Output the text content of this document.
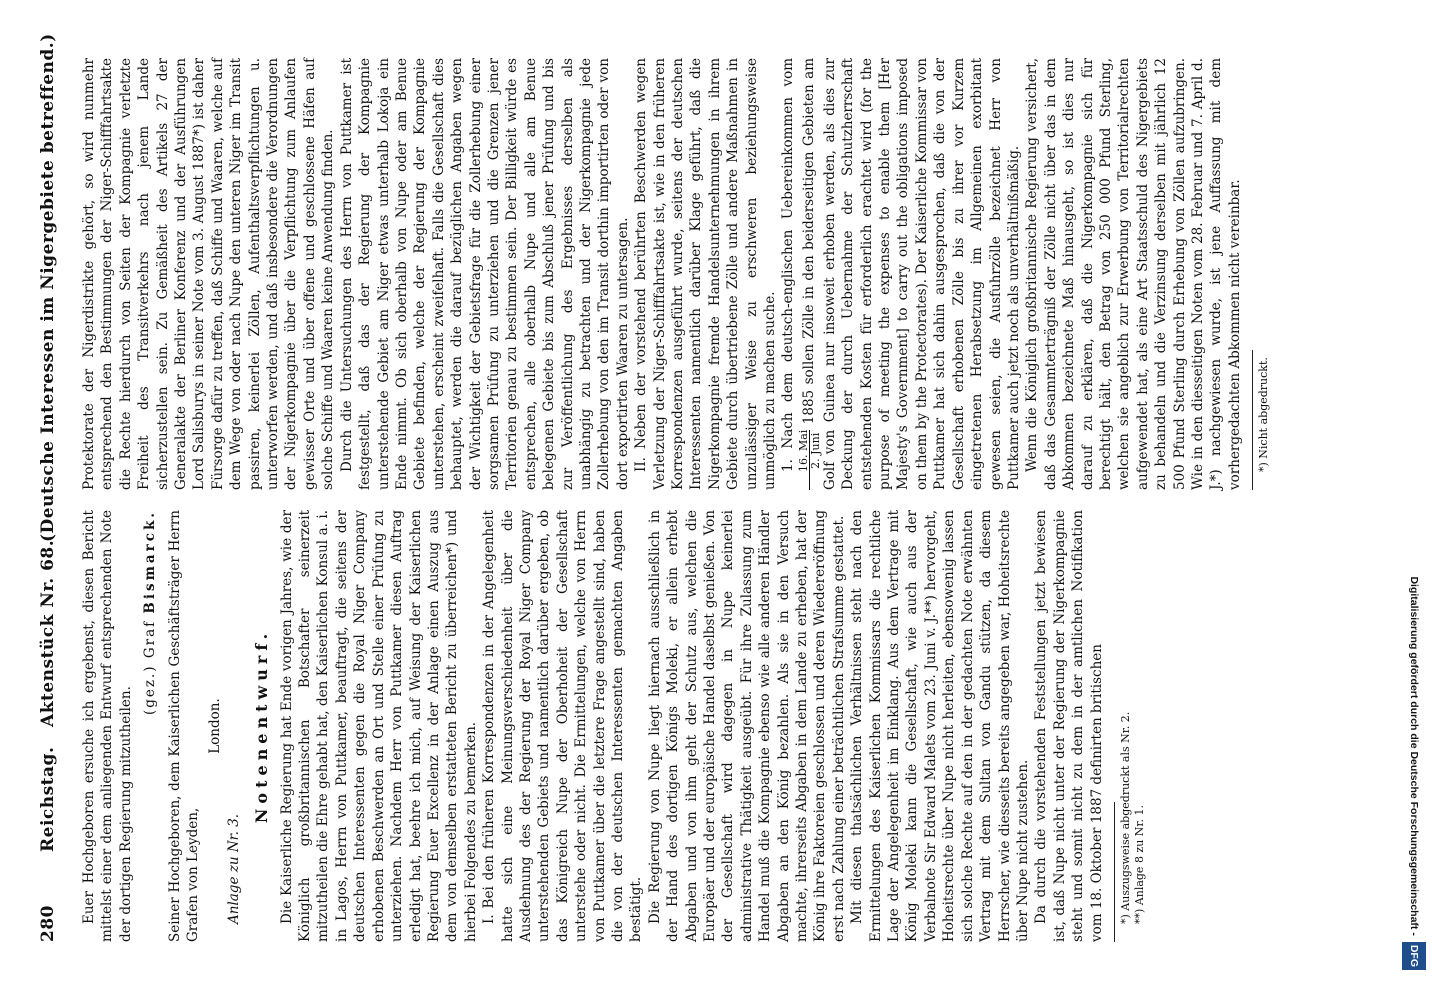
280
Reichstag.
Aktenstück Nr. 68.
(Deutsche Interessen im Nigergebiete betreffend.)

Euer Hochgeboren ersuche ich ergebenst, diesen Bericht mittelst einer dem anliegenden Entwurf entsprechenden Note der dortigen Regierung mitzutheilen.

(gez.) Graf Bismarck. Seiner Hochgeboren, dem Kaiserlichen Geschäftsträger Herrn Grafen von Leyden,

London.

Anlage zu Nr. 3.

Notenentwurf. Die Kaiserliche Regierung hat Ende vorigen Jahres, wie der Königlich großbritannischen Botschafter seinerzeit mitzutheilen die Ehre gehabt hat, den Kaiserlichen Konsul a. i. in Lagos, Herrn von Puttkamer, beauftragt, die seitens der deutschen Interessenten gegen die Royal Niger Company erhobenen Beschwerden an Ort und Stelle einer Prüfung zu unterziehen. Nachdem Herr von Puttkamer diesen Auftrag erledigt hat, beehre ich mich, auf Weisung der Kaiserlichen Regierung Euer Excellenz in der Anlage einen Auszug aus dem von demselben erstatteten Bericht zu überreichen*) und hierbei Folgendes zu bemerken. I. Bei den früheren Korrespondenzen in der Angelegenheit hatte sich eine Meinungsverschiedenheit über die Ausdehnung des der Regierung der Royal Niger Company unterstehenden Gebiets und namentlich darüber ergeben, ob das Königreich Nupe der Oberhoheit der Gesellschaft unterstehe oder nicht. Die Ermittelungen, welche von Herrn von Puttkamer über die letztere Frage angestellt sind, haben die von der deutschen Interessenten gemachten Angaben bestätigt. Die Regierung von Nupe liegt hiernach ausschließlich in der Hand des dortigen Königs Moleki, er allein erhebt Abgaben und von ihm geht der Schutz aus, welchen die Europäer und der europäische Handel daselbst genießen. Von der Gesellschaft wird dagegen in Nupe keinerlei administrative Thätigkeit ausgeübt. Für ihre Zulassung zum Handel muß die Kompagnie ebenso wie alle anderen Händler Abgaben an den König bezahlen. Als sie in den Versuch machte, ihrerseits Abgaben in dem Lande zu erheben, hat der König ihre Faktoreien geschlossen und deren Wiedereröffnung erst nach Zahlung einer beträchtlichen Strafsumme gestattet. Mit diesen thatsächlichen Verhältnissen steht nach den Ermittelungen des Kaiserlichen Kommissars die rechtliche Lage der Angelegenheit im Einklang. Aus dem Vertrage mit König Moleki kann die Gesellschaft, wie auch aus der Verbalnote Sir Edward Malets vom 23. Juni v. J.**) hervorgeht, Hoheitsrechte über Nupe nicht herleiten, ebensowenig lassen sich solche Rechte auf den in der gedachten Note erwähnten Vertrag mit dem Sultan von Gandu stützen, da diesem Herrscher, wie diesseits bereits angegeben war, Hoheitsrechte über Nupe nicht zustehen. Da durch die vorstehenden Feststellungen jetzt bewiesen ist, daß Nupe nicht unter der Regierung der Nigerkompagnie steht und somit nicht zu dem in der amtlichen Notifikation vom 18. Oktober 1887 definirten britischen *) Auszugsweise abgedruckt als Nr. 2. **) Anlage 8 zu Nr. 1.

Protektorate der Nigerdistrikte gehört, so wird nunmehr entsprechend den Bestimmungen der Niger-Schifffahrtsakte die Rechte hierdurch von Seiten der Kompagnie verletzte Freiheit des Transitverkehrs nach jenem Lande sicherzustellen sein. Zu Gemäßheit des Artikels 27 der Generalakte der Berliner Konferenz und der Ausführungen Lord Salisburys in seiner Note vom 3. August 1887*) ist daher Fürsorge dafür zu treffen, daß Schiffe und Waaren, welche auf dem Wege von oder nach Nupe den unteren Niger im Transit passiren, keinerlei Zöllen, Aufenthaltsverpflichtungen u. unterworfen werden, und daß insbesondere die Verordnungen der Nigerkompagnie über die Verpflichtung zum Anlaufen gewisser Orte und über offene und geschlossene Häfen auf solche Schiffe und Waaren keine Anwendung finden. Durch die Untersuchungen des Herrn von Puttkamer ist festgestellt, daß das der Regierung der Kompagnie unterstehende Gebiet am Niger etwas unterhalb Lokoja ein Ende nimmt. Ob sich oberhalb von Nupe oder am Benue Gebiete befinden, welche der Regierung der Kompagnie unterstehen, erscheint zweifelhaft. Falls die Gesellschaft dies behauptet, werden die darauf bezüglichen Angaben wegen der Wichtigkeit der Gebietsfrage für die Zollerhebung einer sorgsamen Prüfung zu unterziehen und die Grenzen jener Territorien genau zu bestimmen sein. Der Billigkeit würde es entsprechen, alle oberhalb Nupe und alle am Benue belegenen Gebiete bis zum Abschluß jener Prüfung und bis zur Veröffentlichung des Ergebnisses derselben als unabhängig zu betrachten und der Nigerkompagnie jede Zollerhebung von den im Transit dorthin importirten oder von dort exportirten Waaren zu untersagen. II. Neben der vorstehend berührten Beschwerden wegen Verletzung der Niger-Schifffahrtsakte ist, wie in den früheren Korrespondenzen ausgeführt wurde, seitens der deutschen Interessenten namentlich darüber Klage geführt, daß die Nigerkompagnie fremde Handelsunternehmungen in ihrem Gebiete durch übertriebene Zölle und andere Maßnahmen in unzulässiger Weise zu erschweren beziehungsweise unmöglich zu machen suche. 1. Nach dem deutsch-englischen Uebereinkommen vom 16. Mai 2. Juni
1885 sollen Zölle in den beiderseitigen Gebieten am Golf von Guinea nur insoweit erhoben werden, als dies zur Deckung der durch Uebernahme der Schutzherrschaft entstehenden Kosten für erforderlich erachtet wird (for the purpose of meeting the expenses to enable them [Her Majesty's Government] to carry out the obligations imposed on them by the Protectorates). Der Kaiserliche Kommissar von Puttkamer hat sich dahin ausgesprochen, daß die von der Gesellschaft erhobenen Zölle bis zu ihrer vor Kurzem eingetretenen Herabsetzung im Allgemeinen exorbitant gewesen seien, die Ausfuhrzölle bezeichnet Herr von Puttkamer auch jetzt noch als unverhältnißmäßig. Wenn die Königlich großbritannische Regierung versichert, daß das Gesammterträgniß der Zölle nicht über das in dem Abkommen bezeichnete Maß hinausgeht, so ist dies nur darauf zu erklären, daß die Nigerkompagnie sich für berechtigt hält, den Betrag von 250 000 Pfund Sterling, welchen sie angeblich zur Erwerbung von Territorialrechten aufgewendet hat, als eine Art Staatsschuld des Nigergebiets zu behandeln und die Verzinsung derselben mit jährlich 12 500 Pfund Sterling durch Erhebung von Zöllen aufzubringen. Wie in den diesseitigen Noten vom 28. Februar und 7. April d. J.*) nachgewiesen wurde, ist jene Auffassung mit dem vorhergedachten Abkommen nicht vereinbar. *) Nicht abgedruckt.

Digitalisierung gefördert durch die Deutsche Forschungsgemeinschaft -
DFG
